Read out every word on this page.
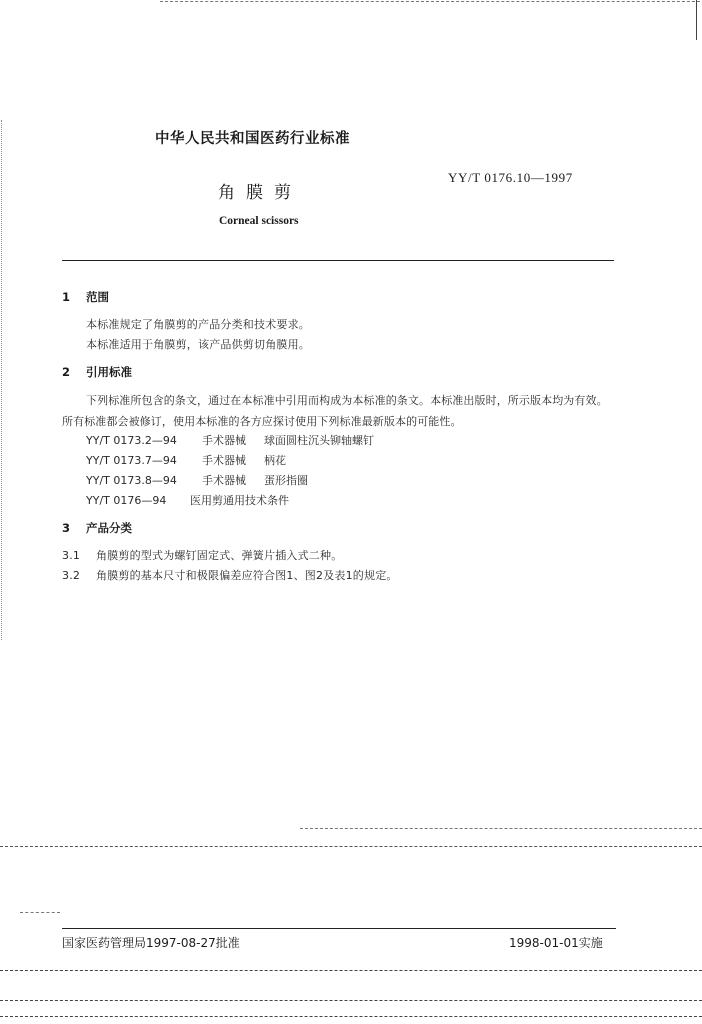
中华人民共和国医药行业标准
YY/T 0176.10—1997
角膜剪
Corneal scissors
1 范围
本标准规定了角膜剪的产品分类和技术要求。
本标准适用于角膜剪，该产品供剪切角膜用。
2 引用标准
下列标准所包含的条文，通过在本标准中引用而构成为本标准的条文。本标准出版时，所示版本均为有效。所有标准都会被修订，使用本标准的各方应探讨使用下列标准最新版本的可能性。
YY/T 0173.2—94 手术器械 球面圆柱沉头铆轴螺钉
YY/T 0173.7—94 手术器械 柄花
YY/T 0173.8—94 手术器械 蛋形指圈
YY/T 0176—94 医用剪通用技术条件
3 产品分类
3.1 角膜剪的型式为螺钉固定式、弹簧片插入式二种。
3.2 角膜剪的基本尺寸和极限偏差应符合图1、图2及表1的规定。
国家医药管理局1997-08-27批准	1998-01-01实施
